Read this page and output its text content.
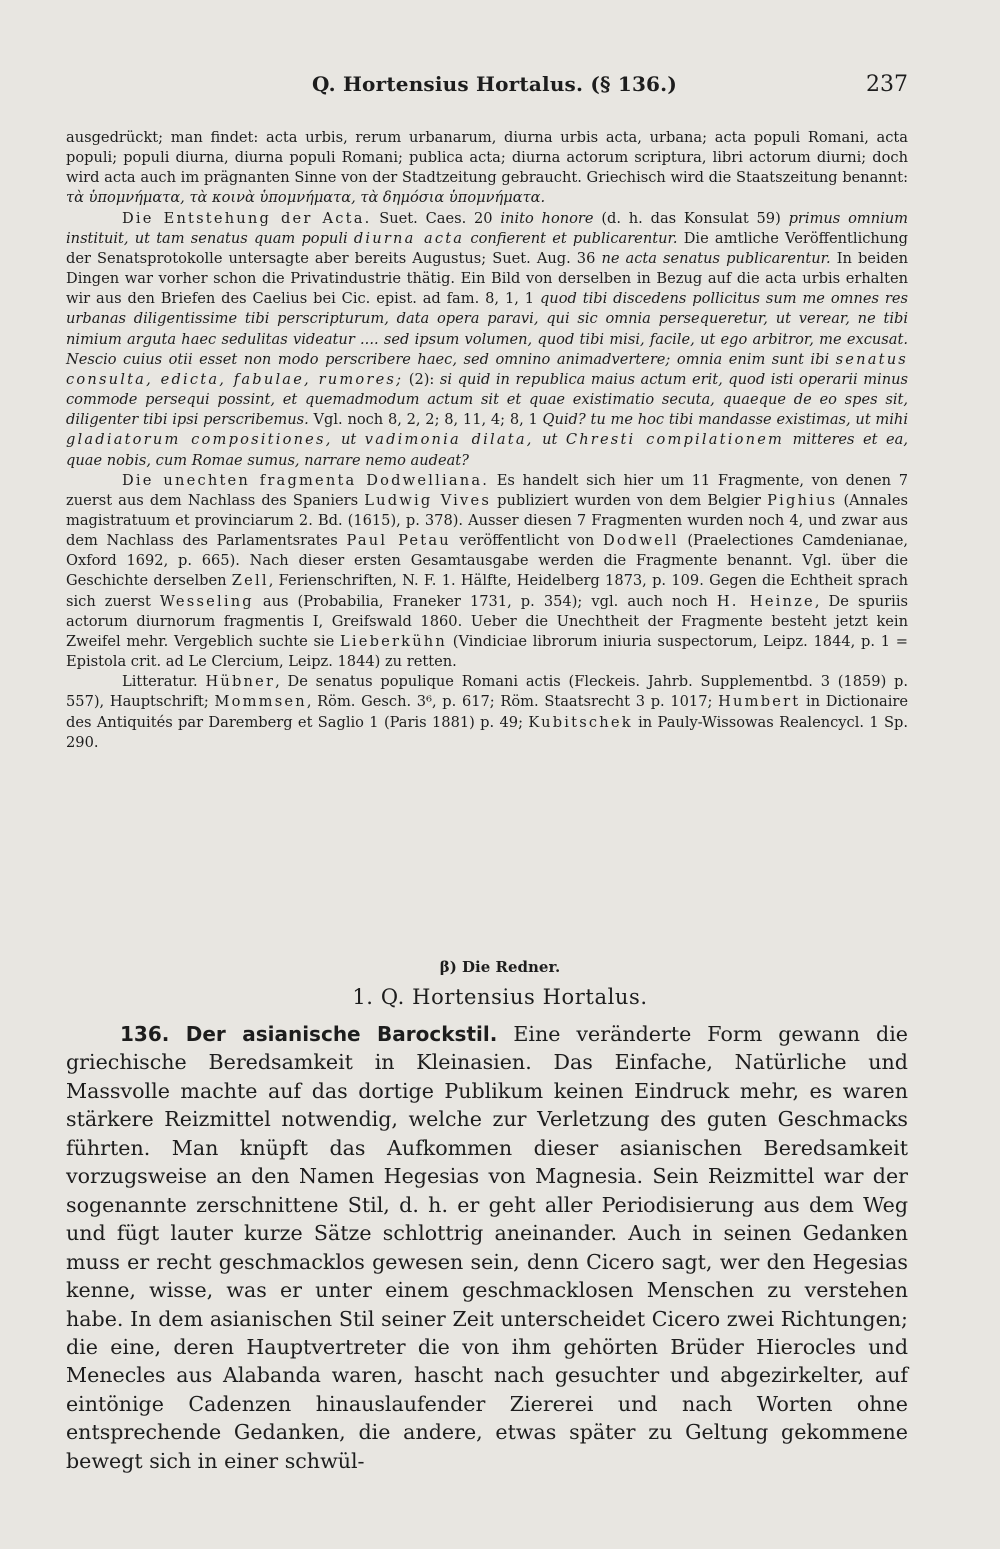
Q. Hortensius Hortalus. (§ 136.)	237

ausgedrückt; man findet: acta urbis, rerum urbanarum, diurna urbis acta, urbana; acta populi Romani, acta populi; populi diurna, diurna populi Romani; publica acta; diurna actorum scriptura, libri actorum diurni; doch wird acta auch im prägnanten Sinne von der Stadtzeitung gebraucht. Griechisch wird die Staatszeitung benannt: τὰ ὑπομνήματα, τὰ κοινὰ ὑπομνήματα, τὰ δημόσια ὑπομνήματα.

Die Entstehung der Acta. Suet. Caes. 20 inito honore (d. h. das Konsulat 59) primus omnium instituit, ut tam senatus quam populi diurna acta confierent et publicarentur. Die amtliche Veröffentlichung der Senatsprotokolle untersagte aber bereits Augustus; Suet. Aug. 36 ne acta senatus publicarentur. In beiden Dingen war vorher schon die Privatindustrie thätig. Ein Bild von derselben in Bezug auf die acta urbis erhalten wir aus den Briefen des Caelius bei Cic. epist. ad fam. 8, 1, 1 quod tibi discedens pollicitus sum me omnes res urbanas diligentissime tibi perscripturum, data opera paravi, qui sic omnia persequeretur, ut verear, ne tibi nimium arguta haec sedulitas videatur .... sed ipsum volumen, quod tibi misi, facile, ut ego arbitror, me excusat. Nescio cuius otii esset non modo perscribere haec, sed omnino animadvertere; omnia enim sunt ibi senatus consulta, edicta, fabulae, rumores; (2): si quid in republica maius actum erit, quod isti operarii minus commode persequi possint, et quemadmodum actum sit et quae existimatio secuta, quaeque de eo spes sit, diligenter tibi ipsi perscribemus. Vgl. noch 8, 2, 2; 8, 11, 4; 8, 1 Quid? tu me hoc tibi mandasse existimas, ut mihi gladiatorum compositiones, ut vadimonia dilata, ut Chresti compilationem mitteres et ea, quae nobis, cum Romae sumus, narrare nemo audeat?

Die unechten fragmenta Dodwelliana. Es handelt sich hier um 11 Fragmente, von denen 7 zuerst aus dem Nachlass des Spaniers Ludwig Vives publiziert wurden von dem Belgier Pighius (Annales magistratuum et provinciarum 2. Bd. (1615), p. 378). Ausser diesen 7 Fragmenten wurden noch 4, und zwar aus dem Nachlass des Parlamentsrates Paul Petau veröffentlicht von Dodwell (Praelectiones Camdenianae, Oxford 1692, p. 665). Nach dieser ersten Gesamtausgabe werden die Fragmente benannt. Vgl. über die Geschichte derselben Zell, Ferienschriften, N. F. 1. Hälfte, Heidelberg 1873, p. 109. Gegen die Echtheit sprach sich zuerst Wesseling aus (Probabilia, Franeker 1731, p. 354); vgl. auch noch H. Heinze, De spuriis actorum diurnorum fragmentis I, Greifswald 1860. Ueber die Unechtheit der Fragmente besteht jetzt kein Zweifel mehr. Vergeblich suchte sie Lieberkühn (Vindiciae librorum iniuria suspectorum, Leipz. 1844, p. 1 = Epistola crit. ad Le Clercium, Leipz. 1844) zu retten.

Litteratur. Hübner, De senatus populique Romani actis (Fleckeis. Jahrb. Supplementbd. 3 (1859) p. 557), Hauptschrift; Mommsen, Röm. Gesch. 3⁶, p. 617; Röm. Staatsrecht 3 p. 1017; Humbert in Dictionaire des Antiquités par Daremberg et Saglio 1 (Paris 1881) p. 49; Kubitschek in Pauly-Wissowas Realencycl. 1 Sp. 290.

β) Die Redner.
1. Q. Hortensius Hortalus.

136. Der asianische Barockstil. Eine veränderte Form gewann die griechische Beredsamkeit in Kleinasien. Das Einfache, Natürliche und Massvolle machte auf das dortige Publikum keinen Eindruck mehr, es waren stärkere Reizmittel notwendig, welche zur Verletzung des guten Geschmacks führten. Man knüpft das Aufkommen dieser asianischen Beredsamkeit vorzugsweise an den Namen Hegesias von Magnesia. Sein Reizmittel war der sogenannte zerschnittene Stil, d. h. er geht aller Periodisierung aus dem Weg und fügt lauter kurze Sätze schlottrig aneinander. Auch in seinen Gedanken muss er recht geschmacklos gewesen sein, denn Cicero sagt, wer den Hegesias kenne, wisse, was er unter einem geschmacklosen Menschen zu verstehen habe. In dem asianischen Stil seiner Zeit unterscheidet Cicero zwei Richtungen; die eine, deren Hauptvertreter die von ihm gehörten Brüder Hierocles und Menecles aus Alabanda waren, hascht nach gesuchter und abgezirkelter, auf eintönige Cadenzen hinauslaufender Ziererei und nach Worten ohne entsprechende Gedanken, die andere, etwas später zu Geltung gekommene bewegt sich in einer schwül-
